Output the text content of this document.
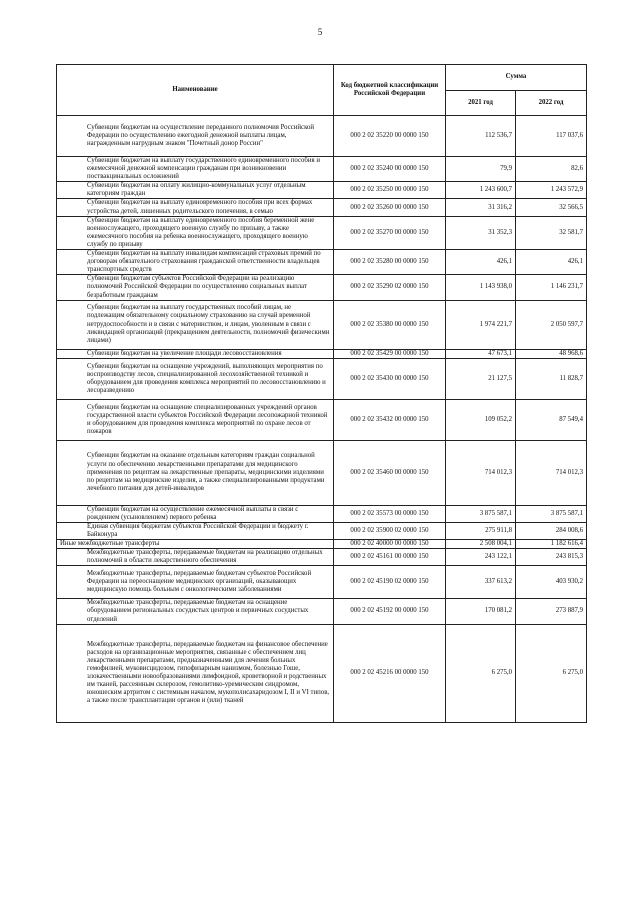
5
Наименование	Код бюджетной классификации Российской Федерации	Сумма	
		2021 год	2022 год
Субвенции бюджетам на осуществление переданного полномочия Российской Федерации по осуществлению ежегодной денежной выплаты лицам, награжденным нагрудным знаком "Почетный донор России"	000 2 02 35220 00 0000 150	112 536,7	117 037,6
Субвенции бюджетам на выплату государственного единовременного пособия и ежемесячной денежной компенсации гражданам при возникновении поствакцинальных осложнений	000 2 02 35240 00 0000 150	79,9	82,6
Субвенции бюджетам на оплату жилищно-коммунальных услуг отдельным категориям граждан	000 2 02 35250 00 0000 150	1 243 600,7	1 243 572,9
Субвенции бюджетам на выплату единовременного пособия при всех формах устройства детей, лишенных родительского попечения, в семью	000 2 02 35260 00 0000 150	31 316,2	32 566,5
Субвенции бюджетам на выплату единовременного пособия беременной жене военнослужащего, проходящего военную службу по призыву, а также ежемесячного пособия на ребенка военнослужащего, проходящего военную службу по призыву	000 2 02 35270 00 0000 150	31 352,3	32 581,7
Субвенции бюджетам на выплату инвалидам компенсаций страховых премий по договорам обязательного страхования гражданской ответственности владельцев транспортных средств	000 2 02 35280 00 0000 150	426,1	426,1
Субвенции бюджетам субъектов Российской Федерации на реализацию полномочий Российской Федерации по осуществлению социальных выплат безработным гражданам	000 2 02 35290 02 0000 150	1 143 938,0	1 146 231,7
Субвенции бюджетам на выплату государственных пособий лицам, не подлежащим обязательному социальному страхованию на случай временной нетрудоспособности и в связи с материнством, и лицам, уволенным в связи с ликвидацией организаций (прекращением деятельности, полномочий физическими лицами)	000 2 02 35380 00 0000 150	1 974 221,7	2 050 597,7
Субвенции бюджетам на увеличение площади лесовосстановления	000 2 02 35429 00 0000 150	47 673,1	48 968,6
Субвенции бюджетам на оснащение учреждений, выполняющих мероприятия по воспроизводству лесов, специализированной лесохозяйственной техникой и оборудованием для проведения комплекса мероприятий по лесовосстановлению и лесоразведению	000 2 02 35430 00 0000 150	21 127,5	11 828,7
Субвенции бюджетам на оснащение специализированных учреждений органов государственной власти субъектов Российской Федерации лесопожарной техникой и оборудованием для проведения комплекса мероприятий по охране лесов от пожаров	000 2 02 35432 00 0000 150	109 052,2	87 549,4
Субвенции бюджетам на оказание отдельным категориям граждан социальной услуги по обеспечению лекарственными препаратами для медицинского применения по рецептам на лекарственные препараты, медицинскими изделиями по рецептам на медицинские изделия, а также специализированными продуктами лечебного питания для детей-инвалидов	000 2 02 35460 00 0000 150	714 012,3	714 012,3
Субвенции бюджетам на осуществление ежемесячной выплаты в связи с рождением (усыновлением) первого ребенка	000 2 02 35573 00 0000 150	3 875 587,1	3 875 587,1
Единая субвенция бюджетам субъектов Российской Федерации и бюджету г. Байконура	000 2 02 35900 02 0000 150	275 911,8	284 008,6
Иные межбюджетные трансферты	000 2 02 40000 00 0000 150	2 508 004,1	1 182 616,4
Межбюджетные трансферты, передаваемые бюджетам на реализацию отдельных полномочий в области лекарственного обеспечения	000 2 02 45161 00 0000 150	243 122,1	243 815,3
Межбюджетные трансферты, передаваемые бюджетам субъектов Российской Федерации на переоснащение медицинских организаций, оказывающих медицинскую помощь больным с онкологическими заболеваниями	000 2 02 45190 02 0000 150	337 613,2	403 930,2
Межбюджетные трансферты, передаваемые бюджетам на оснащение оборудованием региональных сосудистых центров и первичных сосудистых отделений	000 2 02 45192 00 0000 150	170 081,2	273 887,9
Межбюджетные трансферты, передаваемые бюджетам на финансовое обеспечение расходов на организационные мероприятия, связанные с обеспечением лиц лекарственными препаратами, предназначенными для лечения больных гемофилией, муковисцидозом, гипофизарным нанизмом, болезнью Гоше, злокачественными новообразованиями лимфоидной, кроветворной и родственных им тканей, рассеянным склерозом, гемолитико-уремическим синдромом, юношеским артритом с системным началом, мукополисахаридозом I, II и VI типов, а также после трансплантации органов и (или) тканей	000 2 02 45216 00 0000 150	6 275,0	6 275,0
